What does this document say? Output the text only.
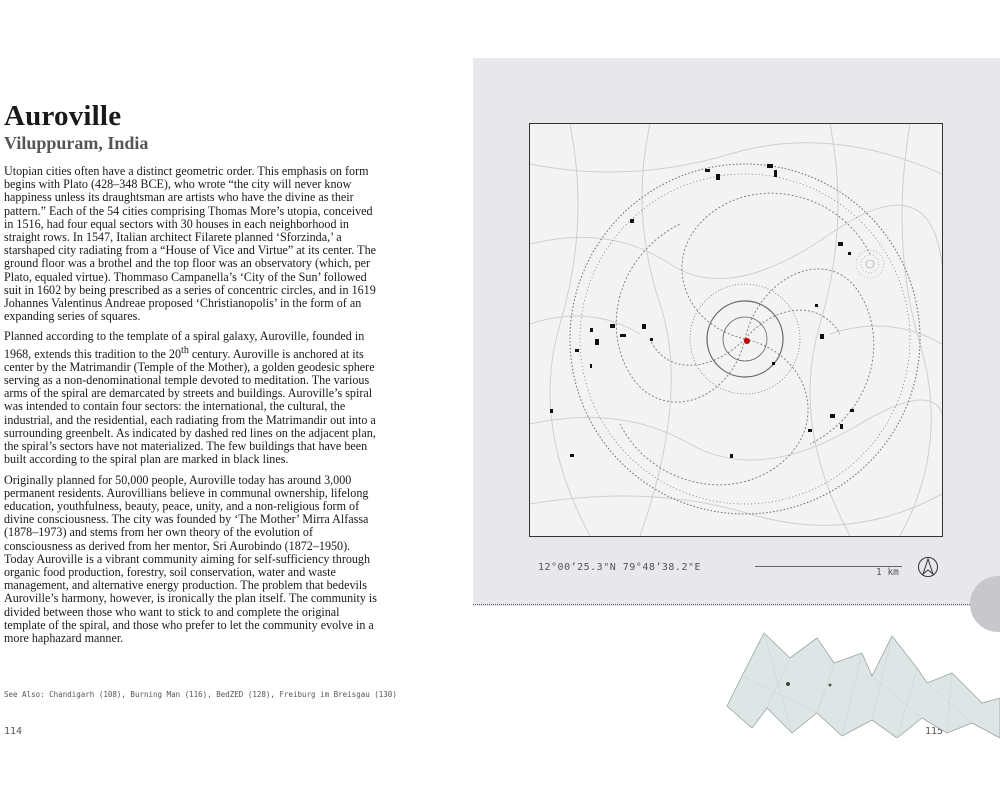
Auroville
Viluppuram, India

Utopian cities often have a distinct geometric order. This emphasis on form begins with Plato (428–348 BCE), who wrote “the city will never know happiness unless its draughtsman are artists who have the divine as their pattern.” Each of the 54 cities comprising Thomas More’s utopia, conceived in 1516, had four equal sectors with 30 houses in each neighborhood in straight rows. In 1547, Italian architect Filarete planned ‘Sforzinda,’ a starshaped city radiating from a “House of Vice and Virtue” at its center. The ground floor was a brothel and the top floor was an observatory (which, per Plato, equaled virtue). Thommaso Campanella’s ‘City of the Sun’ followed suit in 1602 by being prescribed as a series of concentric circles, and in 1619 Johannes Valentinus Andreae proposed ‘Christianopolis’ in the form of an expanding series of squares.

Planned according to the template of a spiral galaxy, Auroville, founded in 1968, extends this tradition to the 20th century. Auroville is anchored at its center by the Matrimandir (Temple of the Mother), a golden geodesic sphere serving as a non-denominational temple devoted to meditation. The various arms of the spiral are demarcated by streets and buildings. Auroville’s spiral was intended to contain four sectors: the international, the cultural, the industrial, and the residential, each radiating from the Matrimandir out into a surrounding greenbelt. As indicated by dashed red lines on the adjacent plan, the spiral’s sectors have not materialized. The few buildings that have been built according to the spiral plan are marked in black lines.

Originally planned for 50,000 people, Auroville today has around 3,000 permanent residents. Aurovillians believe in communal ownership, lifelong education, youthfulness, beauty, peace, unity, and a non-religious form of divine consciousness. The city was founded by ‘The Mother’ Mirra Alfassa (1878–1973) and stems from her own theory of the evolution of consciousness as derived from her mentor, Sri Aurobindo (1872–1950). Today Auroville is a vibrant community aiming for self-sufficiency through organic food production, forestry, soil conservation, water and waste management, and alternative energy production. The problem that bedevils Auroville’s harmony, however, is ironically the plan itself. The community is divided between those who want to stick to and complete the original template of the spiral, and those who prefer to let the community evolve in a more haphazard manner.

See Also: Chandigarh (108), Burning Man (116), BedZED (128), Freiburg im Breisgau (130)
114	115
12°00’25.3"N 79°48’38.2"E	1 km
